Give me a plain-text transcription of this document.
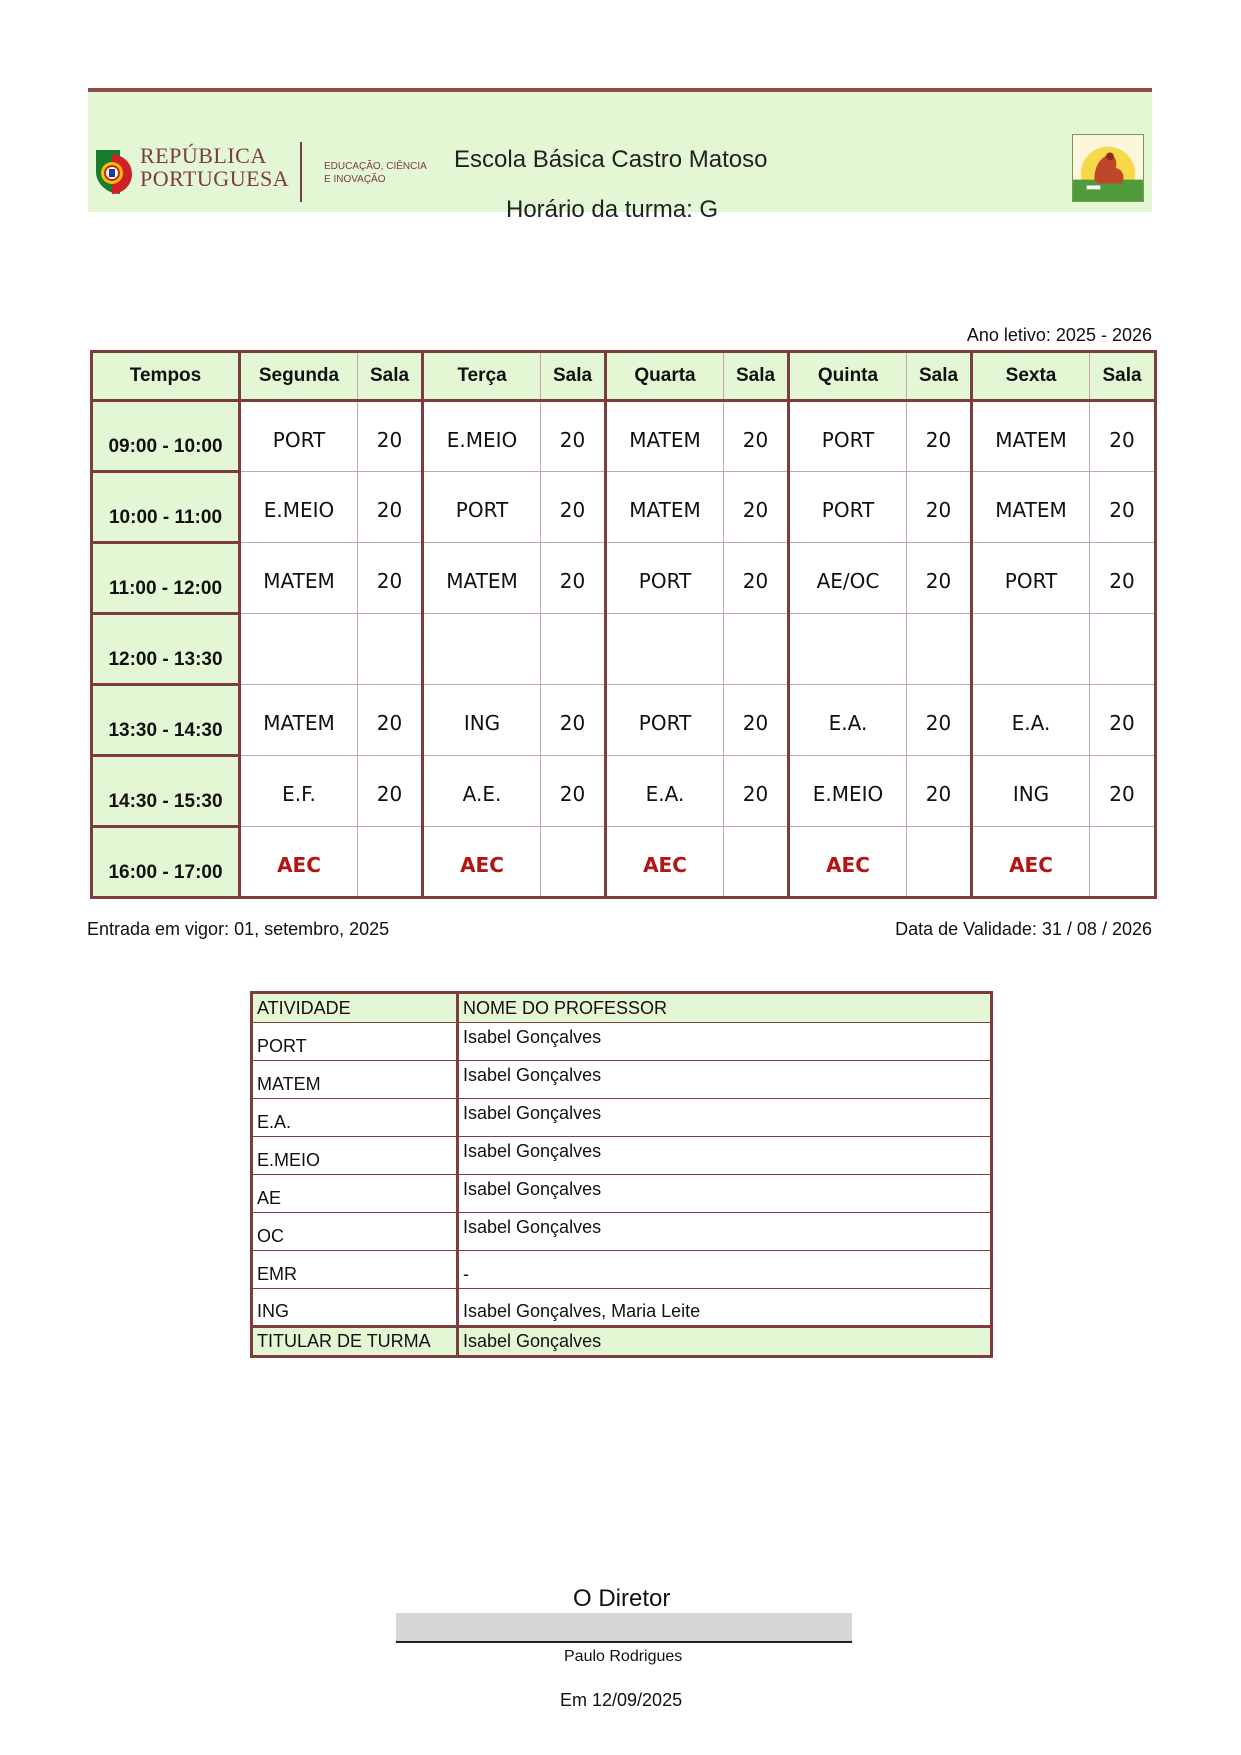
REPÚBLICA
PORTUGUESA	EDUCAÇÃO, CIÊNCIA
E INOVAÇÃO
Escola Básica Castro Matoso
Horário da turma: G
Ano letivo: 2025 - 2026
Tempos	Segunda	Sala	Terça	Sala	Quarta	Sala	Quinta	Sala	Sexta	Sala
09:00 - 10:00	PORT	20	E.MEIO	20	MATEM	20	PORT	20	MATEM	20
10:00 - 11:00	E.MEIO	20	PORT	20	MATEM	20	PORT	20	MATEM	20
11:00 - 12:00	MATEM	20	MATEM	20	PORT	20	AE/OC	20	PORT	20
12:00 - 13:30										
13:30 - 14:30	MATEM	20	ING	20	PORT	20	E.A.	20	E.A.	20
14:30 - 15:30	E.F.	20	A.E.	20	E.A.	20	E.MEIO	20	ING	20
16:00 - 17:00	AEC		AEC		AEC		AEC		AEC	
Entrada em vigor: 01, setembro, 2025	Data de Validade: 31 / 08 / 2026
ATIVIDADE	NOME DO PROFESSOR
PORT	Isabel Gonçalves
MATEM	Isabel Gonçalves
E.A.	Isabel Gonçalves
E.MEIO	Isabel Gonçalves
AE	Isabel Gonçalves
OC	Isabel Gonçalves
EMR	-
ING	Isabel Gonçalves, Maria Leite
TITULAR DE TURMA	Isabel Gonçalves
O Diretor
Paulo Rodrigues
Em 12/09/2025
